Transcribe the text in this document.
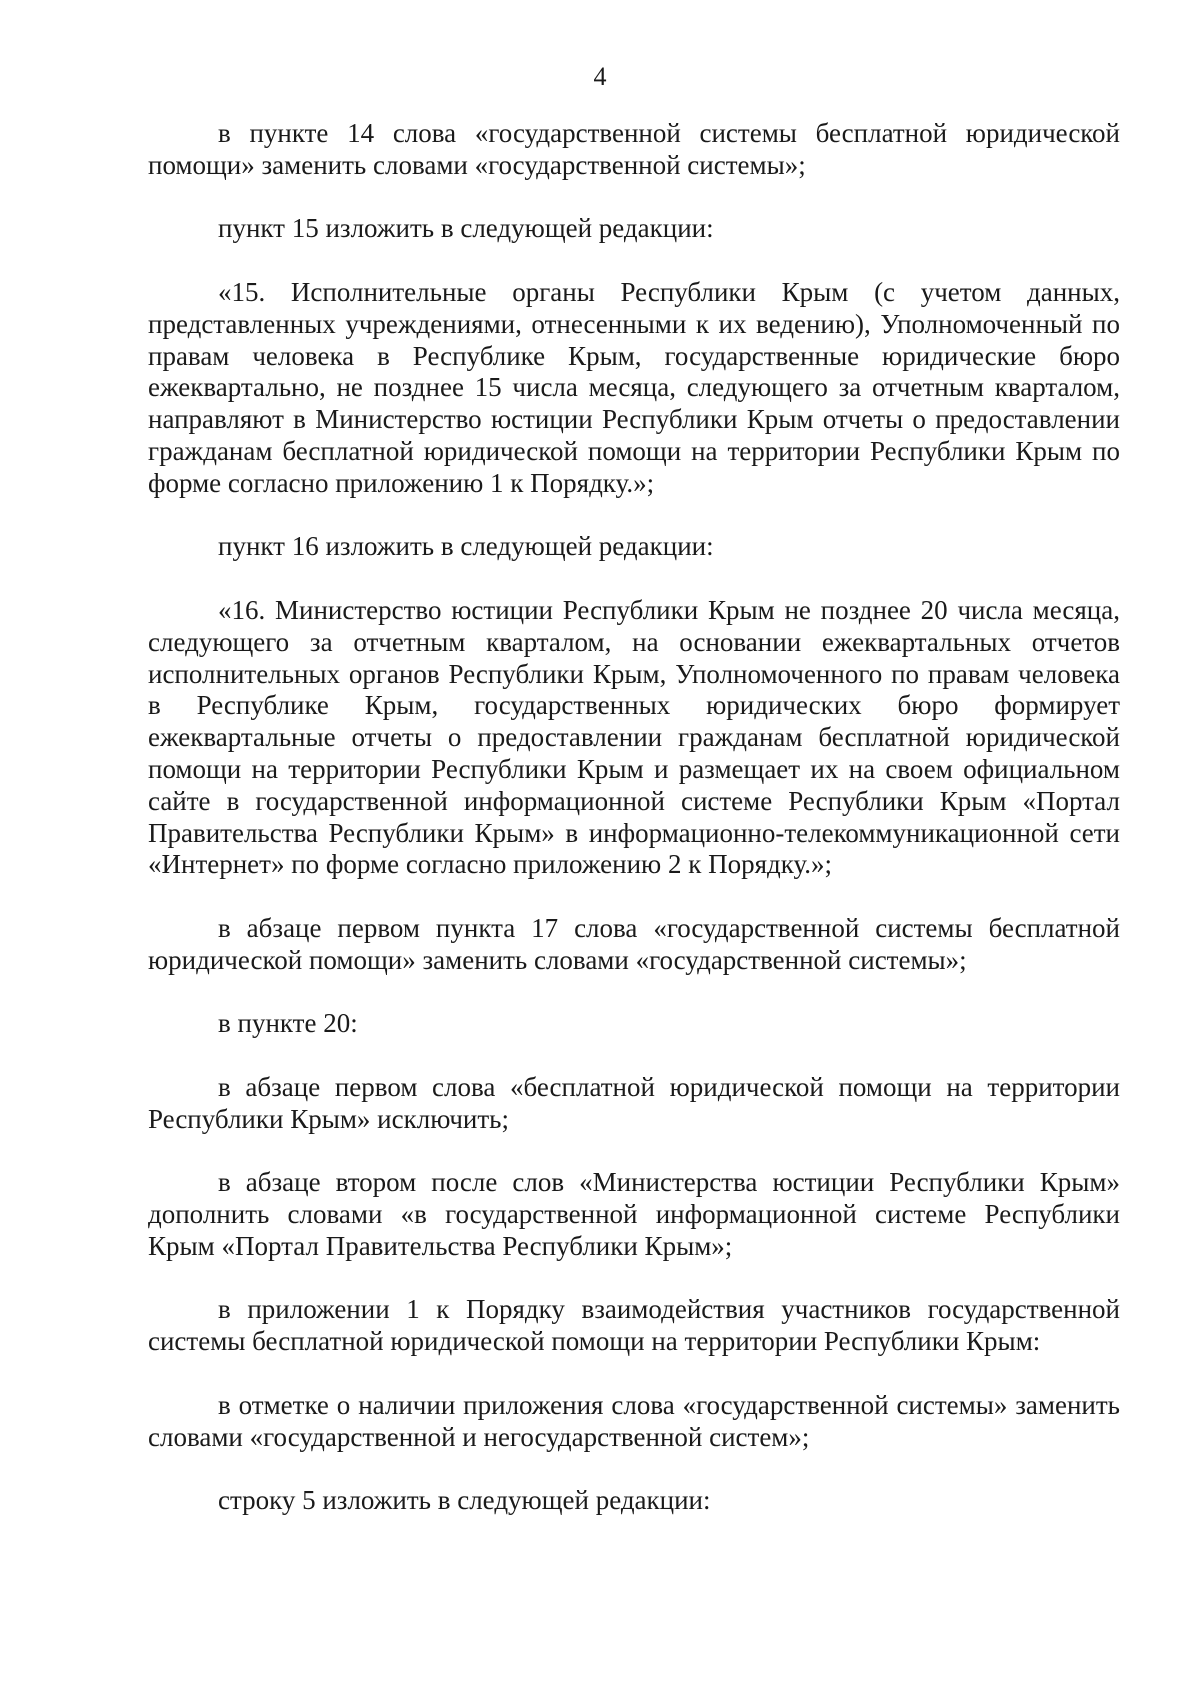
4

в пункте 14 слова «государственной системы бесплатной юридической помощи» заменить словами «государственной системы»;

пункт 15 изложить в следующей редакции:

«15. Исполнительные органы Республики Крым (с учетом данных, представленных учреждениями, отнесенными к их ведению), Уполномоченный по правам человека в Республике Крым, государственные юридические бюро ежеквартально, не позднее 15 числа месяца, следующего за отчетным кварталом, направляют в Министерство юстиции Республики Крым отчеты о предоставлении гражданам бесплатной юридической помощи на территории Республики Крым по форме согласно приложению 1 к Порядку.»;

пункт 16 изложить в следующей редакции:

«16. Министерство юстиции Республики Крым не позднее 20 числа месяца, следующего за отчетным кварталом, на основании ежеквартальных отчетов исполнительных органов Республики Крым, Уполномоченного по правам человека в Республике Крым, государственных юридических бюро формирует ежеквартальные отчеты о предоставлении гражданам бесплатной юридической помощи на территории Республики Крым и размещает их на своем официальном сайте в государственной информационной системе Республики Крым «Портал Правительства Республики Крым» в информационно-телекоммуникационной сети «Интернет» по форме согласно приложению 2 к Порядку.»;

в абзаце первом пункта 17 слова «государственной системы бесплатной юридической помощи» заменить словами «государственной системы»;

в пункте 20:

в абзаце первом слова «бесплатной юридической помощи на территории Республики Крым» исключить;

в абзаце втором после слов «Министерства юстиции Республики Крым» дополнить словами «в государственной информационной системе Республики Крым «Портал Правительства Республики Крым»;

в приложении 1 к Порядку взаимодействия участников государственной системы бесплатной юридической помощи на территории Республики Крым:

в отметке о наличии приложения слова «государственной системы» заменить словами «государственной и негосударственной систем»;

строку 5 изложить в следующей редакции:
